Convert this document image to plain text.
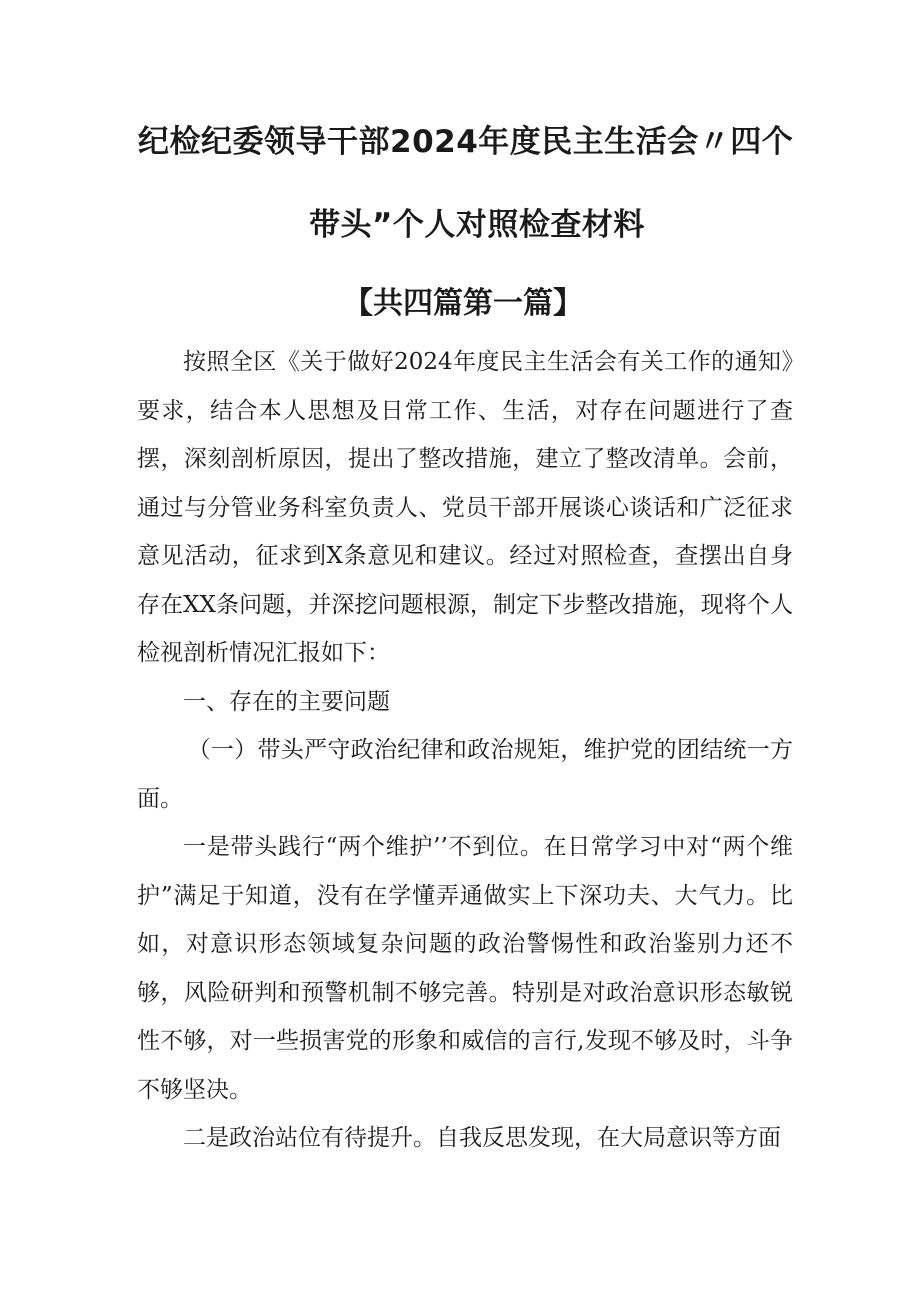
纪检纪委领导干部2024年度民主生活会〃四个
带头”个人对照检查材料
【共四篇第一篇】

按照全区《关于做好2024年度民主生活会有关工作的通知》要求，结合本人思想及日常工作、生活，对存在问题进行了查摆，深刻剖析原因，提出了整改措施，建立了整改清单。会前，通过与分管业务科室负责人、党员干部开展谈心谈话和广泛征求意见活动，征求到X条意见和建议。经过对照检查，查摆出自身存在XX条问题，并深挖问题根源，制定下步整改措施，现将个人检视剖析情况汇报如下：

一、存在的主要问题

（一）带头严守政治纪律和政治规矩，维护党的团结统一方面。

一是带头践行“两个维护’’不到位。在日常学习中对“两个维护”满足于知道，没有在学懂弄通做实上下深功夫、大气力。比如，对意识形态领域复杂问题的政治警惕性和政治鉴别力还不够，风险研判和预警机制不够完善。特别是对政治意识形态敏锐性不够，对一些损害党的形象和威信的言行,发现不够及时，斗争不够坚决。

二是政治站位有待提升。自我反思发现，在大局意识等方面
